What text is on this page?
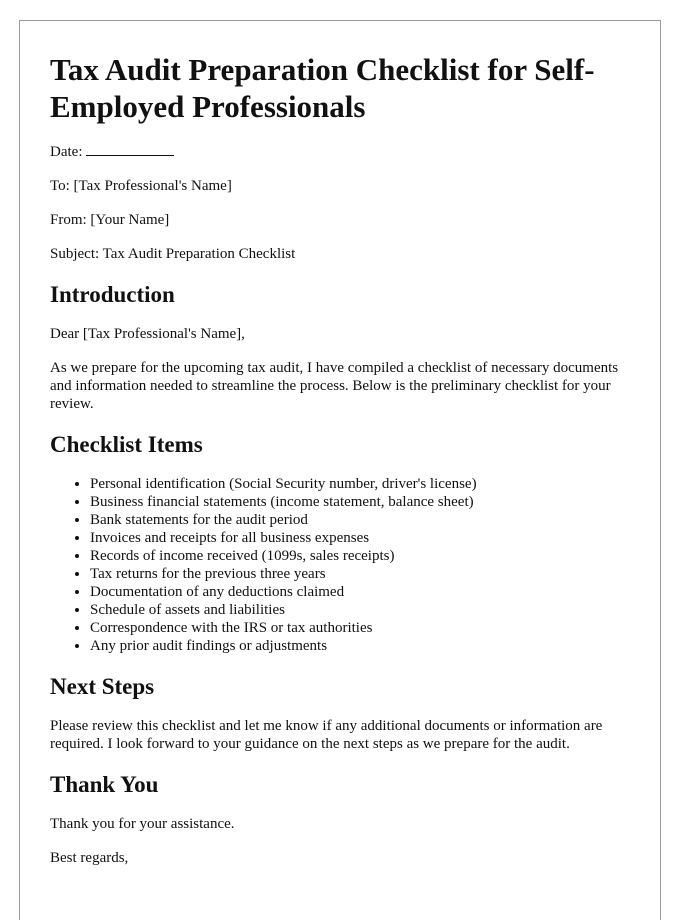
Tax Audit Preparation Checklist for Self-Employed Professionals

Date:

To: [Tax Professional's Name]

From: [Your Name]

Subject: Tax Audit Preparation Checklist

Introduction

Dear [Tax Professional's Name],

As we prepare for the upcoming tax audit, I have compiled a checklist of necessary documents and information needed to streamline the process. Below is the preliminary checklist for your review.

Checklist Items
• Personal identification (Social Security number, driver's license)
• Business financial statements (income statement, balance sheet)
• Bank statements for the audit period
• Invoices and receipts for all business expenses
• Records of income received (1099s, sales receipts)
• Tax returns for the previous three years
• Documentation of any deductions claimed
• Schedule of assets and liabilities
• Correspondence with the IRS or tax authorities
• Any prior audit findings or adjustments
Next Steps

Please review this checklist and let me know if any additional documents or information are required. I look forward to your guidance on the next steps as we prepare for the audit.

Thank You

Thank you for your assistance.

Best regards,
